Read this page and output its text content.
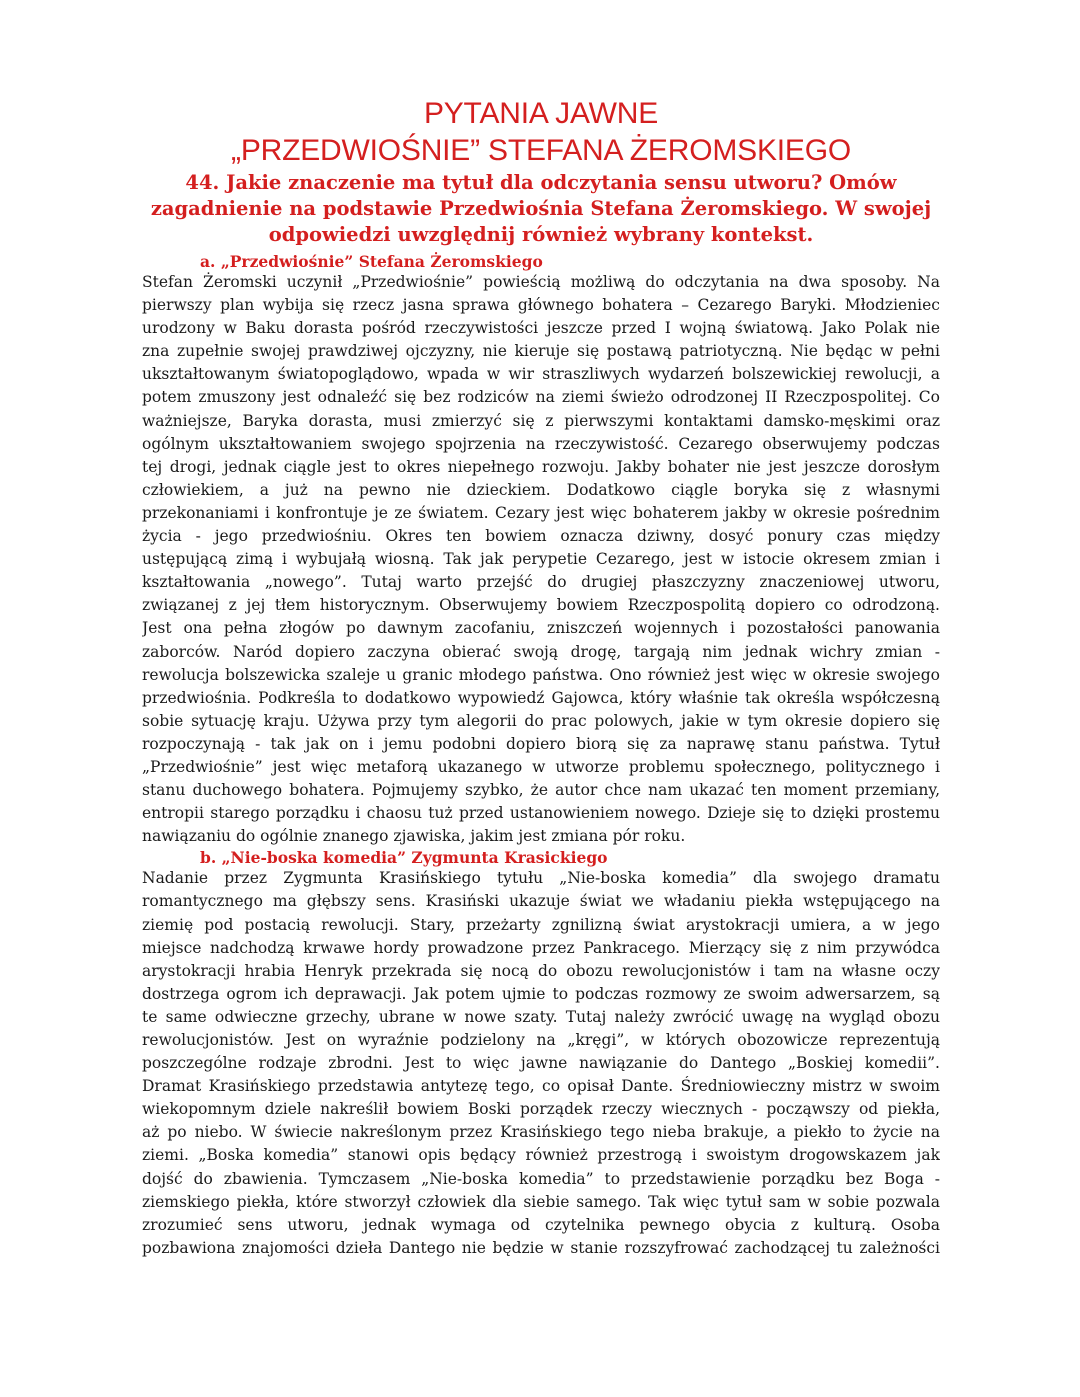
PYTANIA JAWNE
„PRZEDWIOŚNIE” STEFANA ŻEROMSKIEGO
44. Jakie znaczenie ma tytuł dla odczytania sensu utworu? Omów
zagadnienie na podstawie Przedwiośnia Stefana Żeromskiego. W swojej
odpowiedzi uwzględnij również wybrany kontekst.
a. „Przedwiośnie” Stefana Żeromskiego
Stefan Żeromski uczynił „Przedwiośnie” powieścią możliwą do odczytania na dwa sposoby. Na
pierwszy plan wybija się rzecz jasna sprawa głównego bohatera – Cezarego Baryki. Młodzieniec
urodzony w Baku dorasta pośród rzeczywistości jeszcze przed I wojną światową. Jako Polak nie
zna zupełnie swojej prawdziwej ojczyzny, nie kieruje się postawą patriotyczną. Nie będąc w pełni
ukształtowanym światopoglądowo, wpada w wir straszliwych wydarzeń bolszewickiej rewolucji, a
potem zmuszony jest odnaleźć się bez rodziców na ziemi świeżo odrodzonej II Rzeczpospolitej. Co
ważniejsze, Baryka dorasta, musi zmierzyć się z pierwszymi kontaktami damsko-męskimi oraz
ogólnym ukształtowaniem swojego spojrzenia na rzeczywistość. Cezarego obserwujemy podczas
tej drogi, jednak ciągle jest to okres niepełnego rozwoju. Jakby bohater nie jest jeszcze dorosłym
człowiekiem, a już na pewno nie dzieckiem. Dodatkowo ciągle boryka się z własnymi
przekonaniami i konfrontuje je ze światem. Cezary jest więc bohaterem jakby w okresie pośrednim
życia - jego przedwiośniu. Okres ten bowiem oznacza dziwny, dosyć ponury czas między
ustępującą zimą i wybujałą wiosną. Tak jak perypetie Cezarego, jest w istocie okresem zmian i
kształtowania „nowego”. Tutaj warto przejść do drugiej płaszczyzny znaczeniowej utworu,
związanej z jej tłem historycznym. Obserwujemy bowiem Rzeczpospolitą dopiero co odrodzoną.
Jest ona pełna złogów po dawnym zacofaniu, zniszczeń wojennych i pozostałości panowania
zaborców. Naród dopiero zaczyna obierać swoją drogę, targają nim jednak wichry zmian -
rewolucja bolszewicka szaleje u granic młodego państwa. Ono również jest więc w okresie swojego
przedwiośnia. Podkreśla to dodatkowo wypowiedź Gajowca, który właśnie tak określa współczesną
sobie sytuację kraju. Używa przy tym alegorii do prac polowych, jakie w tym okresie dopiero się
rozpoczynają - tak jak on i jemu podobni dopiero biorą się za naprawę stanu państwa. Tytuł
„Przedwiośnie” jest więc metaforą ukazanego w utworze problemu społecznego, politycznego i
stanu duchowego bohatera. Pojmujemy szybko, że autor chce nam ukazać ten moment przemiany,
entropii starego porządku i chaosu tuż przed ustanowieniem nowego. Dzieje się to dzięki prostemu
nawiązaniu do ogólnie znanego zjawiska, jakim jest zmiana pór roku.
b. „Nie-boska komedia” Zygmunta Krasickiego
Nadanie przez Zygmunta Krasińskiego tytułu „Nie-boska komedia” dla swojego dramatu
romantycznego ma głębszy sens. Krasiński ukazuje świat we władaniu piekła wstępującego na
ziemię pod postacią rewolucji. Stary, przeżarty zgnilizną świat arystokracji umiera, a w jego
miejsce nadchodzą krwawe hordy prowadzone przez Pankracego. Mierzący się z nim przywódca
arystokracji hrabia Henryk przekrada się nocą do obozu rewolucjonistów i tam na własne oczy
dostrzega ogrom ich deprawacji. Jak potem ujmie to podczas rozmowy ze swoim adwersarzem, są
te same odwieczne grzechy, ubrane w nowe szaty. Tutaj należy zwrócić uwagę na wygląd obozu
rewolucjonistów. Jest on wyraźnie podzielony na „kręgi”, w których obozowicze reprezentują
poszczególne rodzaje zbrodni. Jest to więc jawne nawiązanie do Dantego „Boskiej komedii”.
Dramat Krasińskiego przedstawia antytezę tego, co opisał Dante. Średniowieczny mistrz w swoim
wiekopomnym dziele nakreślił bowiem Boski porządek rzeczy wiecznych - począwszy od piekła,
aż po niebo. W świecie nakreślonym przez Krasińskiego tego nieba brakuje, a piekło to życie na
ziemi. „Boska komedia” stanowi opis będący również przestrogą i swoistym drogowskazem jak
dojść do zbawienia. Tymczasem „Nie-boska komedia” to przedstawienie porządku bez Boga -
ziemskiego piekła, które stworzył człowiek dla siebie samego. Tak więc tytuł sam w sobie pozwala
zrozumieć sens utworu, jednak wymaga od czytelnika pewnego obycia z kulturą. Osoba
pozbawiona znajomości dzieła Dantego nie będzie w stanie rozszyfrować zachodzącej tu zależności
